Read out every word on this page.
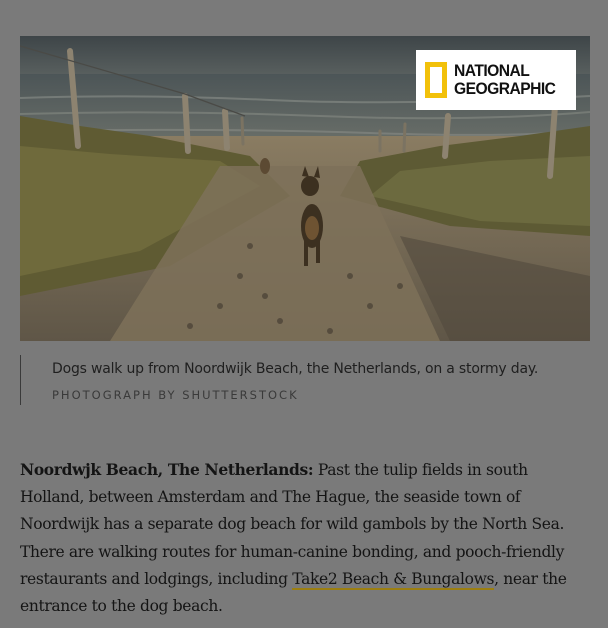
NATIONAL
GEOGRAPHIC
Dogs walk up from Noordwijk Beach, the Netherlands, on a stormy day.
PHOTOGRAPH BY SHUTTERSTOCK

Noordwjk Beach, The Netherlands: Past the tulip fields in south Holland, between Amsterdam and The Hague, the seaside town of Noordwijk has a separate dog beach for wild gambols by the North Sea. There are walking routes for human-canine bonding, and pooch-friendly restaurants and lodgings, including Take2 Beach & Bungalows, near the entrance to the dog beach.
